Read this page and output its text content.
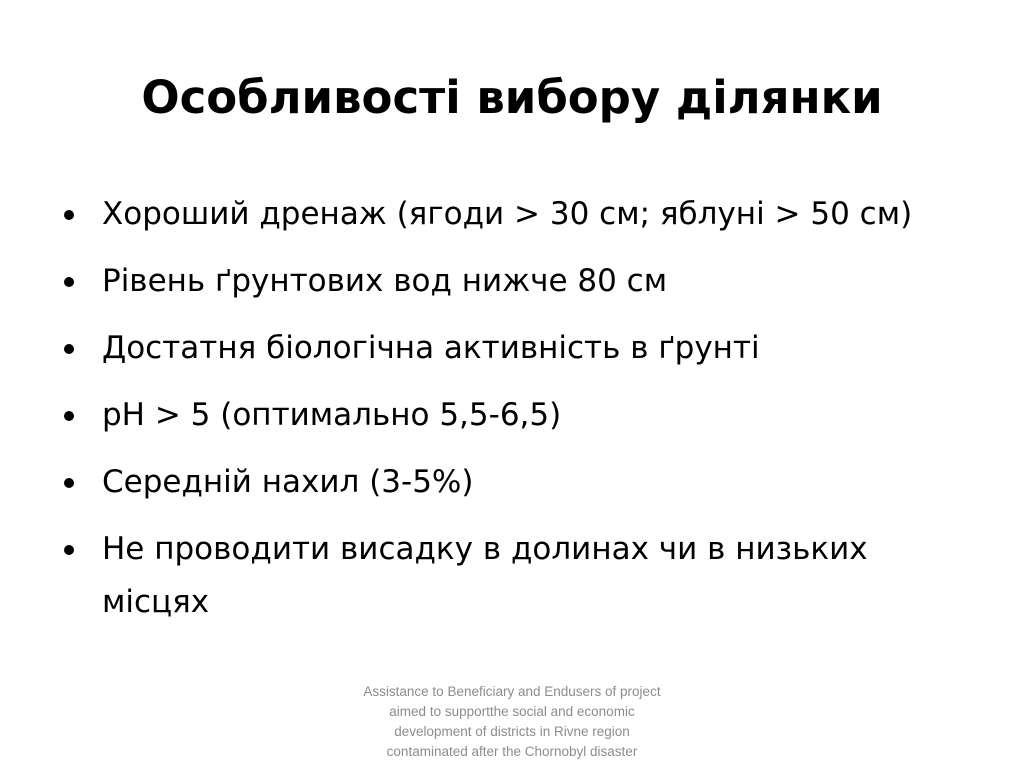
Особливості вибору ділянки
Хороший дренаж (ягоди > 30 см; яблуні > 50 см)
Рівень ґрунтових вод нижче 80 см
Достатня біологічна активність в ґрунті
pH > 5 (оптимально 5,5-6,5)
Середній нахил (3-5%)
Не проводити висадку в долинах чи в низьких місцях
Assistance to Beneficiary and Endusers of project aimed to supportthe social and economic development of districts in Rivne region contaminated after the Chornobyl disaster
